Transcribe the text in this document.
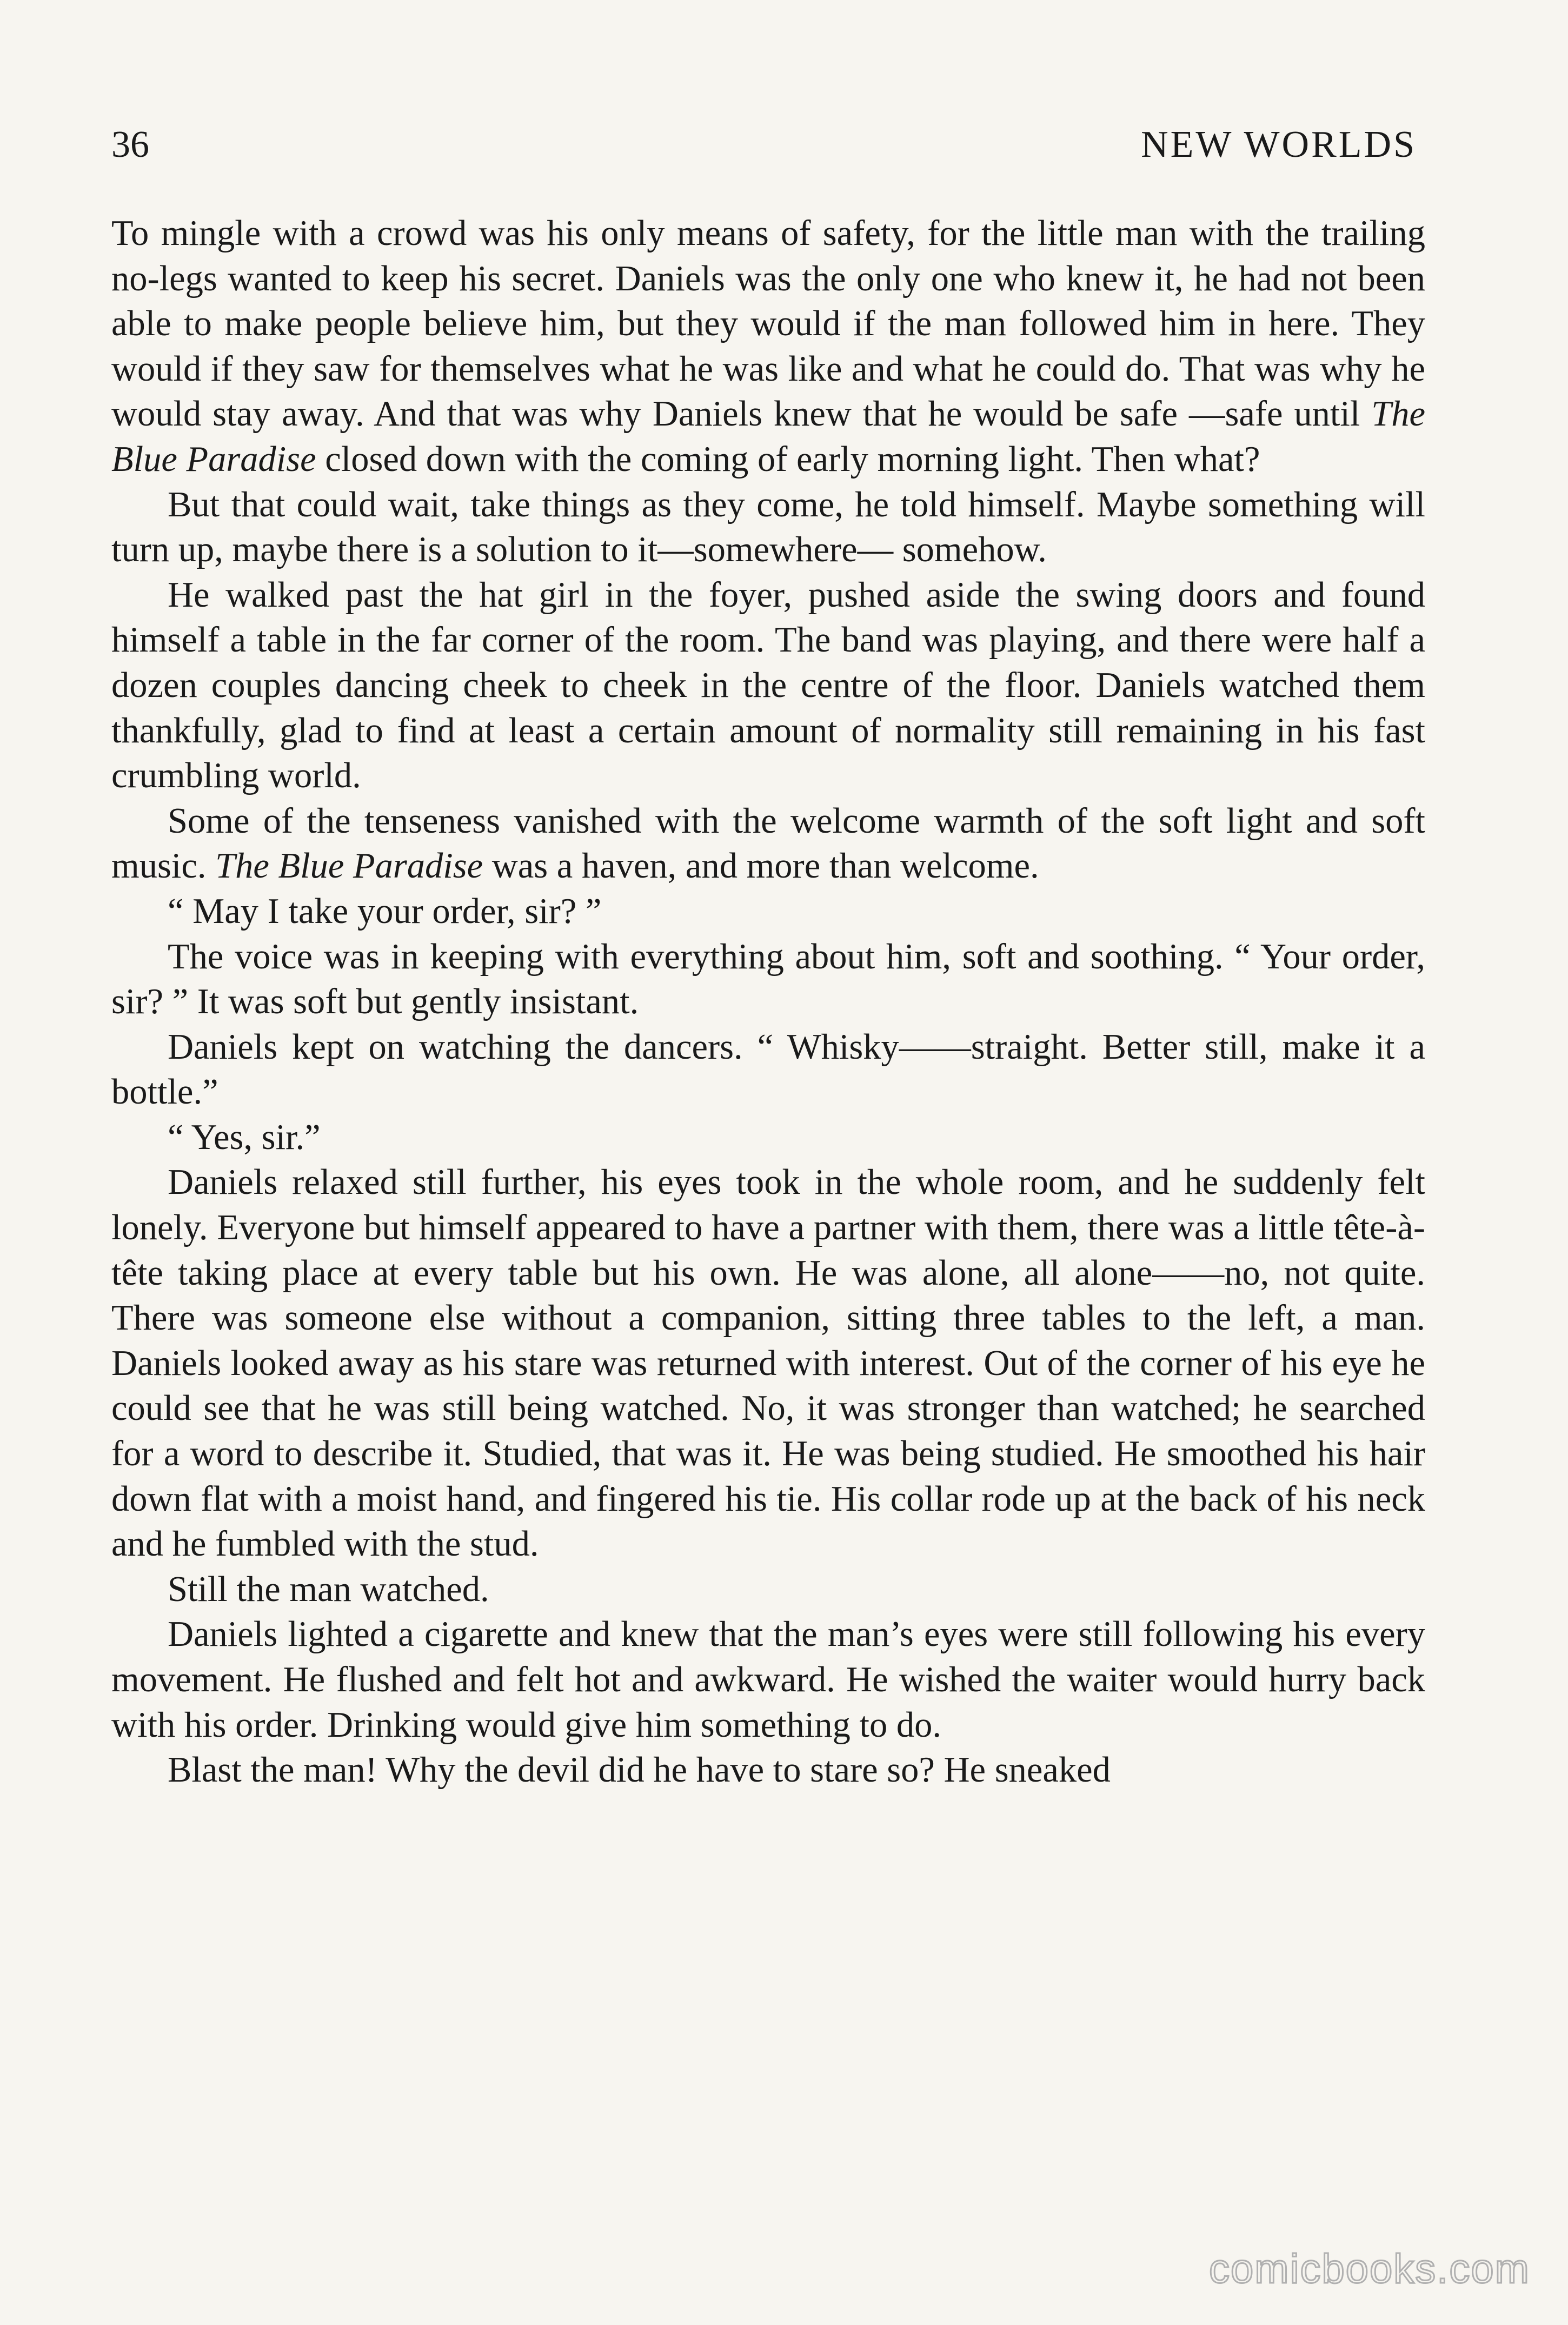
36	NEW WORLDS

To mingle with a crowd was his only means of safety, for the little man with the trailing no-legs wanted to keep his secret. Daniels was the only one who knew it, he had not been able to make people believe him, but they would if the man followed him in here. They would if they saw for themselves what he was like and what he could do. That was why he would stay away. And that was why Daniels knew that he would be safe —safe until The Blue Paradise closed down with the coming of early morning light. Then what?

But that could wait, take things as they come, he told himself. Maybe something will turn up, maybe there is a solution to it—somewhere— somehow.

He walked past the hat girl in the foyer, pushed aside the swing doors and found himself a table in the far corner of the room. The band was playing, and there were half a dozen couples dancing cheek to cheek in the centre of the floor. Daniels watched them thankfully, glad to find at least a certain amount of normality still remaining in his fast crumbling world.

Some of the tenseness vanished with the welcome warmth of the soft light and soft music. The Blue Paradise was a haven, and more than welcome.

“ May I take your order, sir? ”

The voice was in keeping with everything about him, soft and soothing. “ Your order, sir? ” It was soft but gently insistant.

Daniels kept on watching the dancers. “ Whisky——straight. Better still, make it a bottle.”

“ Yes, sir.”

Daniels relaxed still further, his eyes took in the whole room, and he suddenly felt lonely. Everyone but himself appeared to have a partner with them, there was a little tête-à-tête taking place at every table but his own. He was alone, all alone——no, not quite. There was someone else without a companion, sitting three tables to the left, a man. Daniels looked away as his stare was returned with interest. Out of the corner of his eye he could see that he was still being watched. No, it was stronger than watched; he searched for a word to describe it. Studied, that was it. He was being studied. He smoothed his hair down flat with a moist hand, and fingered his tie. His collar rode up at the back of his neck and he fumbled with the stud.

Still the man watched.

Daniels lighted a cigarette and knew that the man’s eyes were still following his every movement. He flushed and felt hot and awkward. He wished the waiter would hurry back with his order. Drinking would give him something to do.

Blast the man! Why the devil did he have to stare so? He sneaked

comicbooks.com
